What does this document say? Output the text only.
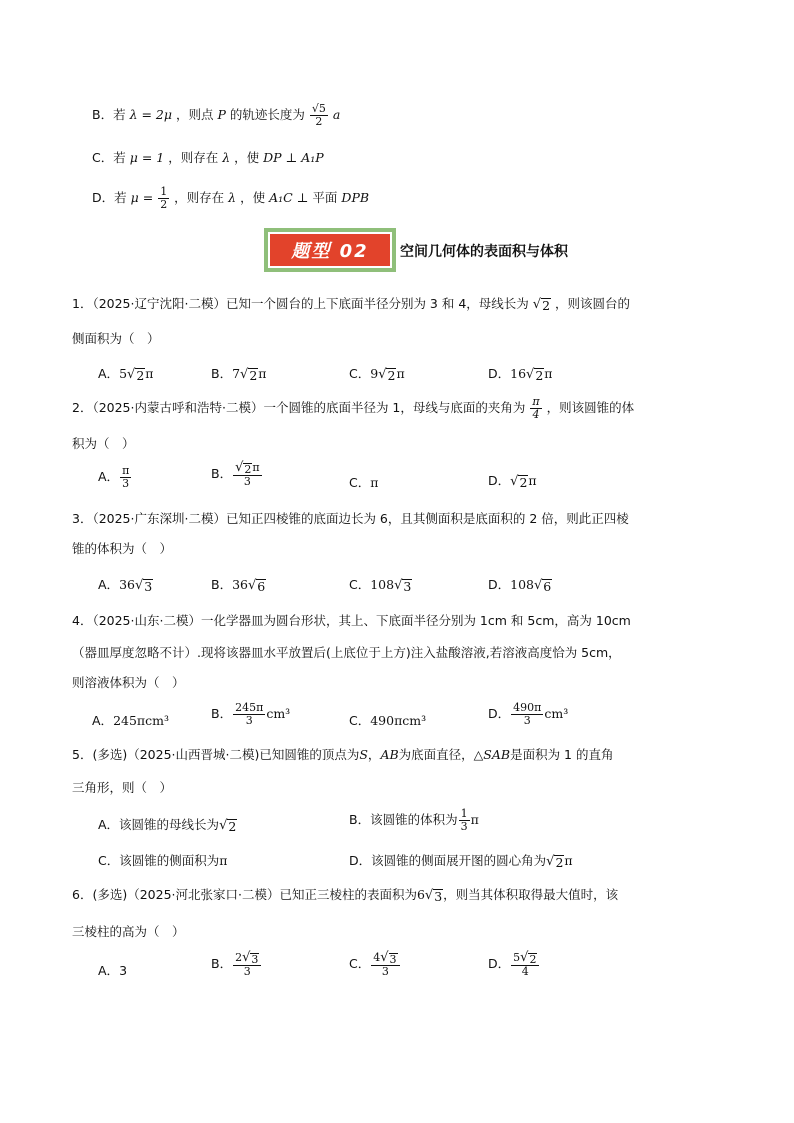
B．若 λ = 2μ ，则点 P 的轨迹长度为 $\frac{√5}{2}$ a
C．若 μ = 1 ，则存在 λ ，使 DP ⊥ A₁P
D．若 $\mu = \frac{1}{2}$ ，则存在 λ ，使 A₁C ⊥ 平面 DPB
题型 02	空间几何体的表面积与体积
1．（2025·辽宁沈阳·二模）已知一个圆台的上下底面半径分别为 3 和 4，母线长为 √ 2 ，则该圆台的
侧面积为（　）
A．5 √ 2 π	B．7 √ 2 π	C．9 √ 2 π	D．16 √ 2 π
2．（2025·内蒙古呼和浩特·二模）一个圆锥的底面半径为 1，母线与底面的夹角为 $\frac{\pi}{4}$ ，则该圆锥的体
积为（　）
A． $\frac{\pi}{3}$	B． $\frac{√ 2 \pi}{3}$	C．π	D． √ 2 π
3．（2025·广东深圳·二模）已知正四棱锥的底面边长为 6，且其侧面积是底面积的 2 倍，则此正四棱
锥的体积为（　）
A．36 √ 3	B．36 √ 6	C．108 √ 3	D．108 √ 6
4．（2025·山东·二模）一化学器皿为圆台形状，其上、下底面半径分别为 1cm 和 5cm，高为 10cm
（器皿厚度忽略不计）.现将该器皿水平放置后(上底位于上方)注入盐酸溶液,若溶液高度恰为 5cm，
则溶液体积为（　）
A．245πcm³	B． $\frac{245\pi}{3} cm^3$	C．490πcm³	D． $\frac{490\pi}{3} cm^3$
5．(多选)（2025·山西晋城·二模)已知圆锥的顶点为S，AB为底面直径，△SAB是面积为 1 的直角
三角形，则（　）
A．该圆锥的母线长为 √ 2	B．该圆锥的体积为 $\frac{1}{3}$ π
C．该圆锥的侧面积为π	D．该圆锥的侧面展开图的圆心角为 √ 2 π
6．(多选)（2025·河北张家口·二模）已知正三棱柱的表面积为6 √ 3 ，则当其体积取得最大值时，该
三棱柱的高为（　）
A．3	B． $\frac{2 √ 3}{3}$	C． $\frac{4 √ 3}{3}$	D． $\frac{5 √ 2}{4}$
